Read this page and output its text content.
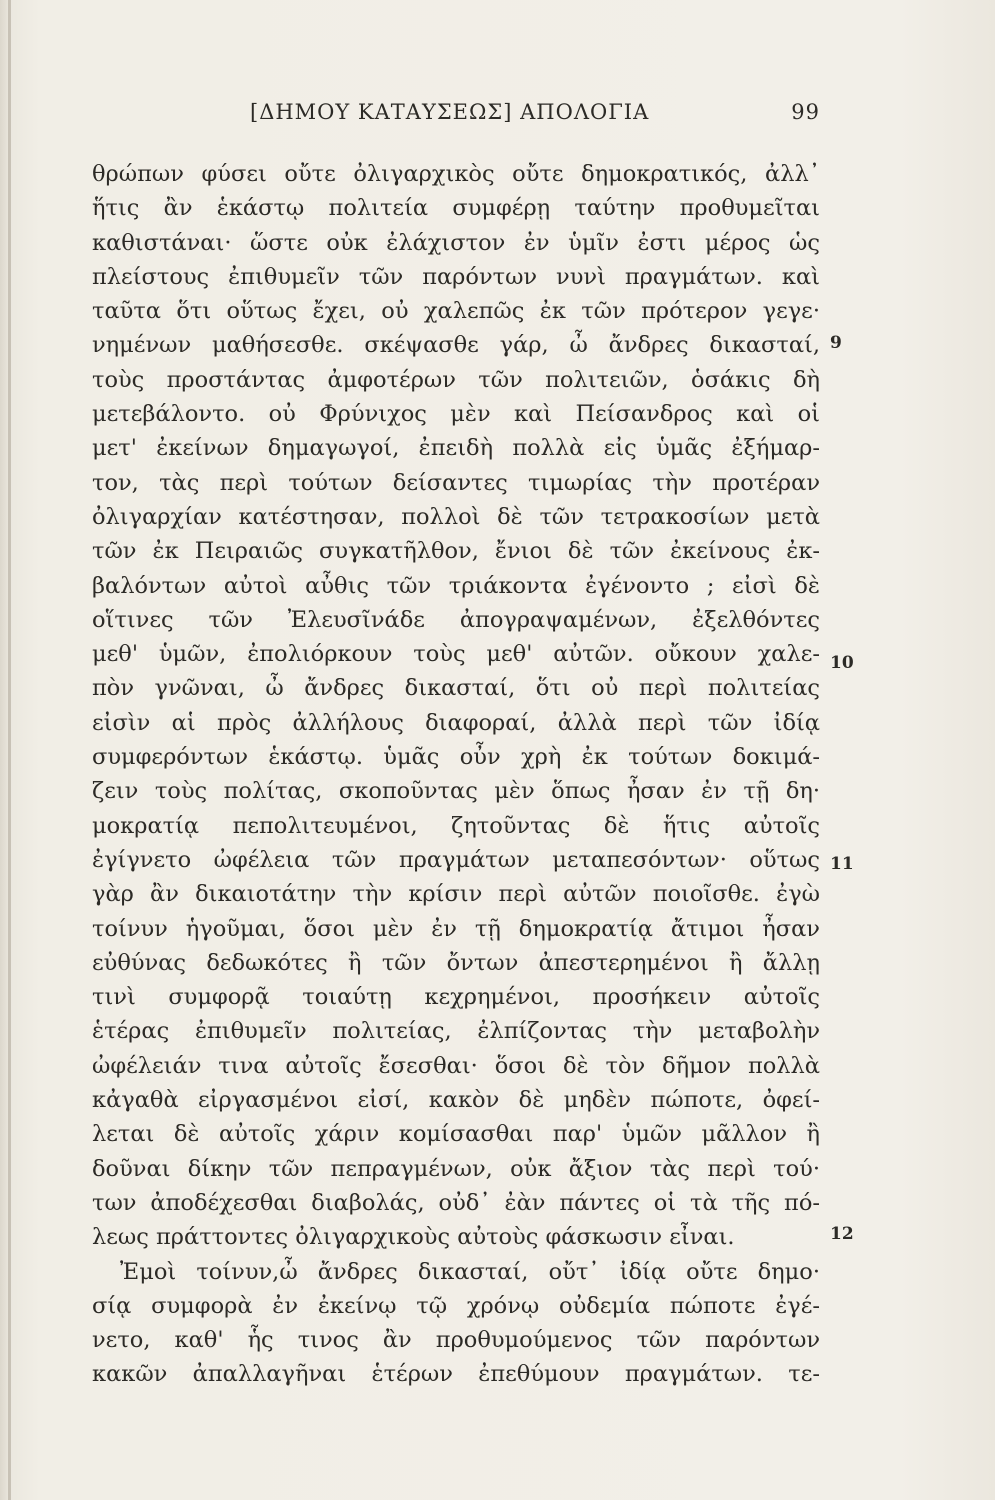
[ΔΗΜΟΥ ΚΑΤΑΥΣΕΩΣ] ΑΠΟΛΟΓΙΑ	99
θρώπων φύσει οὔτε ὀλιγαρχικὸς οὔτε δημοκρατικός, ἀλλ᾿
ἥτις ἂν ἑκάστῳ πολιτεία συμφέρῃ ταύτην προθυμεῖται
καθιστάναι· ὥστε οὐκ ἐλάχιστον ἐν ὑμῖν ἐστι μέρος ὡς
πλείστους ἐπιθυμεῖν τῶν παρόντων νυνὶ πραγμάτων. καὶ
ταῦτα ὅτι οὕτως ἔχει, οὐ χαλεπῶς ἐκ τῶν πρότερον γεγε·
νημένων μαθήσεσθε. σκέψασθε γάρ, ὦ ἄνδρες δικασταί,
τοὺς προστάντας ἀμφοτέρων τῶν πολιτειῶν, ὁσάκις δὴ
μετεβάλοντο. οὐ Φρύνιχος μὲν καὶ Πείσανδρος καὶ οἱ
μετ' ἐκείνων δημαγωγοί, ἐπειδὴ πολλὰ εἰς ὑμᾶς ἐξήμαρ-
τον, τὰς περὶ τούτων δείσαντες τιμωρίας τὴν προτέραν
ὀλιγαρχίαν κατέστησαν, πολλοὶ δὲ τῶν τετρακοσίων μετὰ
τῶν ἐκ Πειραιῶς συγκατῆλθον, ἔνιοι δὲ τῶν ἐκείνους ἐκ-
βαλόντων αὐτοὶ αὖθις τῶν τριάκοντα ἐγένοντο ; εἰσὶ δὲ
οἵτινες τῶν Ἐλευσῖνάδε ἀπογραψαμένων, ἐξελθόντες
μεθ' ὑμῶν, ἐπολιόρκουν τοὺς μεθ' αὐτῶν. οὔκουν χαλε-
πὸν γνῶναι, ὦ ἄνδρες δικασταί, ὅτι οὐ περὶ πολιτείας
εἰσὶν αἱ πρὸς ἀλλήλους διαφοραί, ἀλλὰ περὶ τῶν ἰδίᾳ
συμφερόντων ἑκάστῳ. ὑμᾶς οὖν χρὴ ἐκ τούτων δοκιμά-
ζειν τοὺς πολίτας, σκοποῦντας μὲν ὅπως ἦσαν ἐν τῇ δη·
μοκρατίᾳ πεπολιτευμένοι, ζητοῦντας δὲ ἥτις αὐτοῖς
ἐγίγνετο ὠφέλεια τῶν πραγμάτων μεταπεσόντων· οὕτως
γὰρ ἂν δικαιοτάτην τὴν κρίσιν περὶ αὐτῶν ποιοῖσθε. ἐγὼ
τοίνυν ἡγοῦμαι, ὅσοι μὲν ἐν τῇ δημοκρατίᾳ ἄτιμοι ἦσαν
εὐθύνας δεδωκότες ἢ τῶν ὄντων ἀπεστερημένοι ἢ ἄλλῃ
τινὶ συμφορᾷ τοιαύτῃ κεχρημένοι, προσήκειν αὐτοῖς
ἑτέρας ἐπιθυμεῖν πολιτείας, ἐλπίζοντας τὴν μεταβολὴν
ὠφέλειάν τινα αὐτοῖς ἔσεσθαι· ὅσοι δὲ τὸν δῆμον πολλὰ
κἀγαθὰ εἰργασμένοι εἰσί, κακὸν δὲ μηδὲν πώποτε, ὀφεί-
λεται δὲ αὐτοῖς χάριν κομίσασθαι παρ' ὑμῶν μᾶλλον ἢ
δοῦναι δίκην τῶν πεπραγμένων, οὐκ ἄξιον τὰς περὶ τού·
των ἀποδέχεσθαι διαβολάς, οὐδ᾿ ἐὰν πάντες οἱ τὰ τῆς πό-
λεως πράττοντες ὀλιγαρχικοὺς αὐτοὺς φάσκωσιν εἶναι.
Ἐμοὶ τοίνυν,ὦ ἄνδρες δικασταί, οὔτ᾿ ἰδίᾳ οὔτε δημο·
σίᾳ συμφορὰ ἐν ἐκείνῳ τῷ χρόνῳ οὐδεμία πώποτε ἐγέ-
νετο, καθ' ἧς τινος ἂν προθυμούμενος τῶν παρόντων
κακῶν ἀπαλλαγῆναι ἑτέρων ἐπεθύμουν πραγμάτων. τε-
9
10
11
12
